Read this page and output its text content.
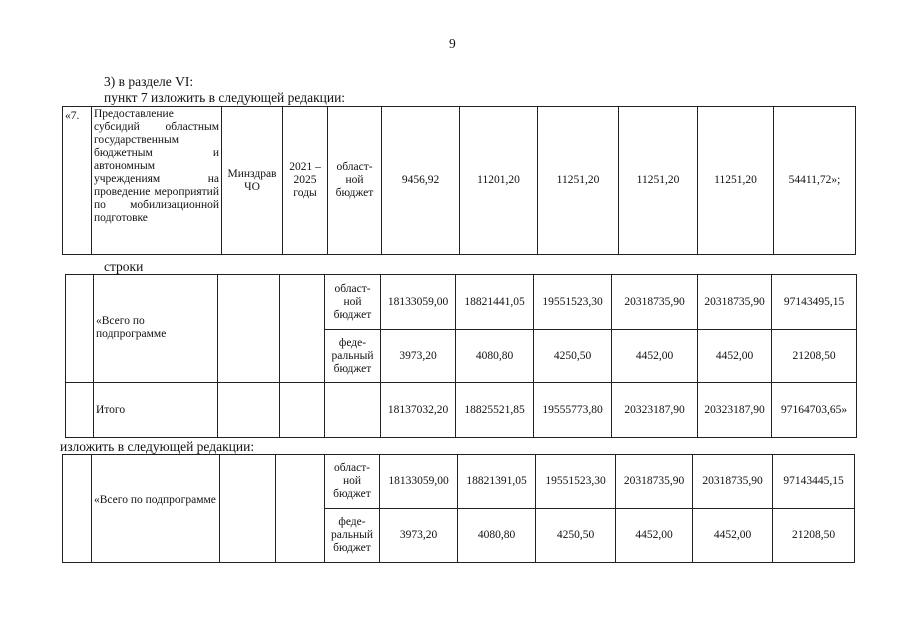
9
3) в разделе VI:
пункт 7 изложить в следующей редакции:
«7.	Предоставление субсидий областным государственным бюджетным и автономным учреждениям на проведение мероприятий по мобилизационной подготовке	Минздрав ЧО	2021 – 2025 годы	област-ной бюджет	9456,92	11201,20	11251,20	11251,20	11251,20	54411,72»;
строки
	«Всего по подпрограмме			област-ной бюджет	18133059,00	18821441,05	19551523,30	20318735,90	20318735,90	97143495,15
				феде-ральный бюджет	3973,20	4080,80	4250,50	4452,00	4452,00	21208,50
	Итого				18137032,20	18825521,85	19555773,80	20323187,90	20323187,90	97164703,65»
изложить в следующей редакции:
	«Всего по подпрограмме			област-ной бюджет	18133059,00	18821391,05	19551523,30	20318735,90	20318735,90	97143445,15
				феде-ральный бюджет	3973,20	4080,80	4250,50	4452,00	4452,00	21208,50
